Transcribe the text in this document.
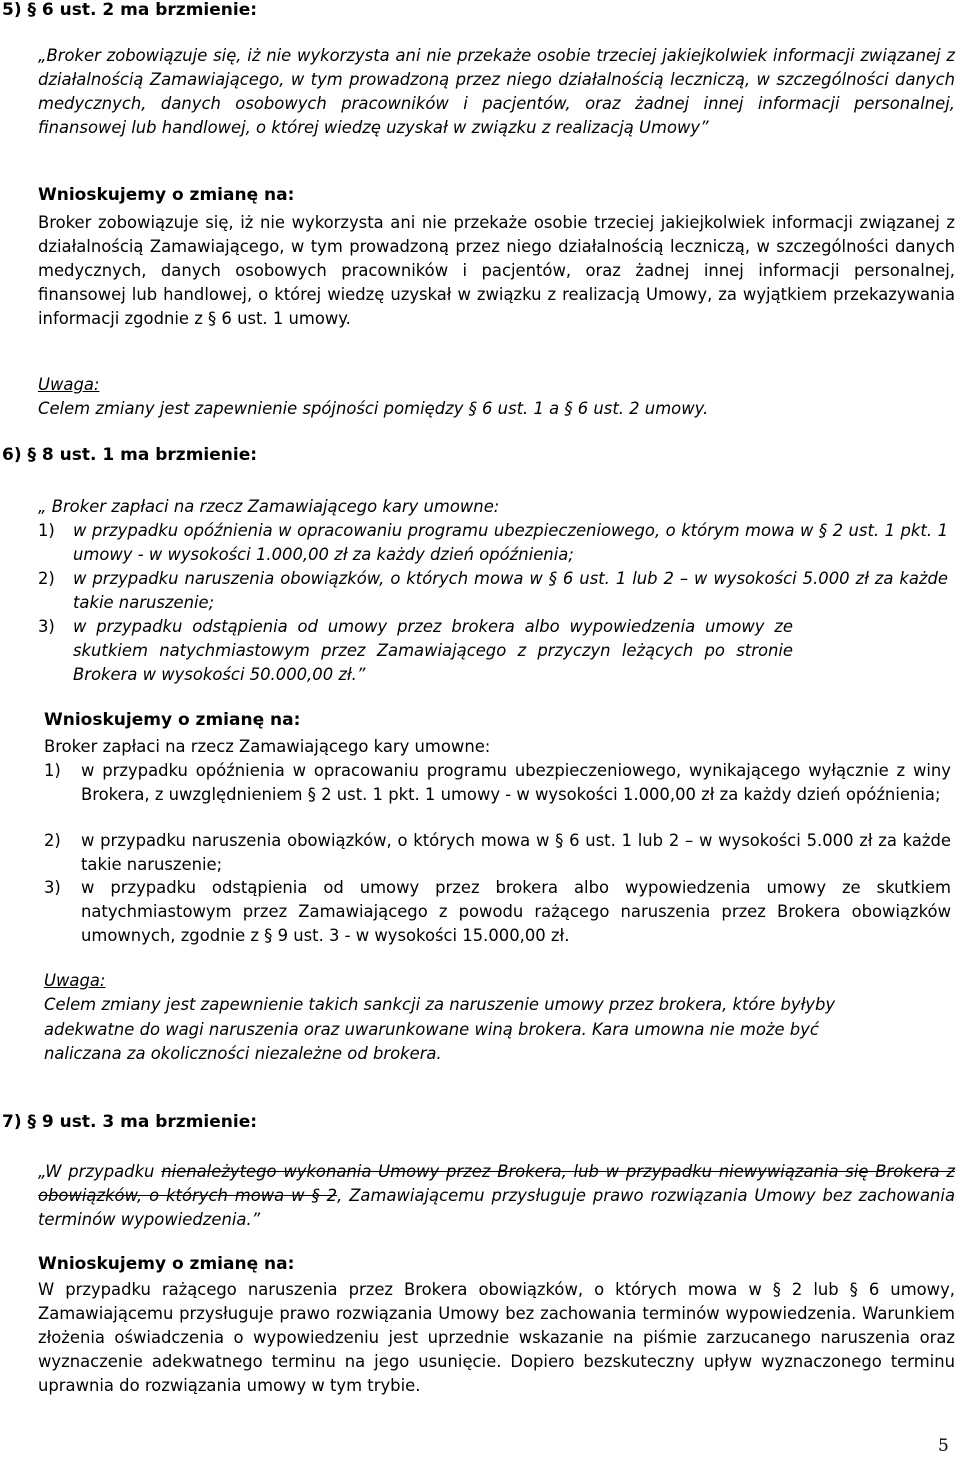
5) § 6 ust. 2 ma brzmienie:
„Broker zobowiązuje się, iż nie wykorzysta ani nie przekaże osobie trzeciej jakiejkolwiek informacji związanej z działalnością Zamawiającego, w tym prowadzoną przez niego działalnością leczniczą, w szczególności danych medycznych, danych osobowych pracowników i pacjentów, oraz żadnej innej informacji personalnej, finansowej lub handlowej, o której wiedzę uzyskał w związku z realizacją Umowy”
Wnioskujemy o zmianę na:
Broker zobowiązuje się, iż nie wykorzysta ani nie przekaże osobie trzeciej jakiejkolwiek informacji związanej z działalnością Zamawiającego, w tym prowadzoną przez niego działalnością leczniczą, w szczególności danych medycznych, danych osobowych pracowników i pacjentów, oraz żadnej innej informacji personalnej, finansowej lub handlowej, o której wiedzę uzyskał w związku z realizacją Umowy, za wyjątkiem przekazywania informacji zgodnie z § 6 ust. 1 umowy.
Uwaga:
Celem zmiany jest zapewnienie spójności pomiędzy § 6 ust. 1 a § 6 ust. 2 umowy.
6) § 8 ust. 1 ma brzmienie:
„ Broker zapłaci na rzecz Zamawiającego kary umowne:
1) w przypadku opóźnienia w opracowaniu programu ubezpieczeniowego, o którym mowa w § 2 ust. 1 pkt. 1 umowy - w wysokości 1.000,00 zł za każdy dzień opóźnienia;
2) w przypadku naruszenia obowiązków, o których mowa w § 6 ust. 1 lub 2 – w wysokości 5.000 zł za każde takie naruszenie;
3) w przypadku odstąpienia od umowy przez brokera albo wypowiedzenia umowy ze skutkiem natychmiastowym przez Zamawiającego z przyczyn leżących po stronie Brokera w wysokości 50.000,00 zł.”
Wnioskujemy o zmianę na:
Broker zapłaci na rzecz Zamawiającego kary umowne:
1) w przypadku opóźnienia w opracowaniu programu ubezpieczeniowego, wynikającego wyłącznie z winy Brokera, z uwzględnieniem § 2 ust. 1 pkt. 1 umowy - w wysokości 1.000,00 zł za każdy dzień opóźnienia;
2) w przypadku naruszenia obowiązków, o których mowa w § 6 ust. 1 lub 2 – w wysokości 5.000 zł za każde takie naruszenie;
3) w przypadku odstąpienia od umowy przez brokera albo wypowiedzenia umowy ze skutkiem natychmiastowym przez Zamawiającego z powodu rażącego naruszenia przez Brokera obowiązków umownych, zgodnie z § 9 ust. 3 - w wysokości 15.000,00 zł.
Uwaga:
Celem zmiany jest zapewnienie takich sankcji za naruszenie umowy przez brokera, które byłyby adekwatne do wagi naruszenia oraz uwarunkowane winą brokera. Kara umowna nie może być naliczana za okoliczności niezależne od brokera.
7) § 9 ust. 3 ma brzmienie:
„W przypadku nienależytego wykonania Umowy przez Brokera, lub w przypadku niewywiązania się Brokera z obowiązków, o których mowa w § 2, Zamawiającemu przysługuje prawo rozwiązania Umowy bez zachowania terminów wypowiedzenia.”
Wnioskujemy o zmianę na:
W przypadku rażącego naruszenia przez Brokera obowiązków, o których mowa w § 2 lub § 6 umowy, Zamawiającemu przysługuje prawo rozwiązania Umowy bez zachowania terminów wypowiedzenia. Warunkiem złożenia oświadczenia o wypowiedzeniu jest uprzednie wskazanie na piśmie zarzucanego naruszenia oraz wyznaczenie adekwatnego terminu na jego usunięcie. Dopiero bezskuteczny upływ wyznaczonego terminu uprawnia do rozwiązania umowy w tym trybie.
5
